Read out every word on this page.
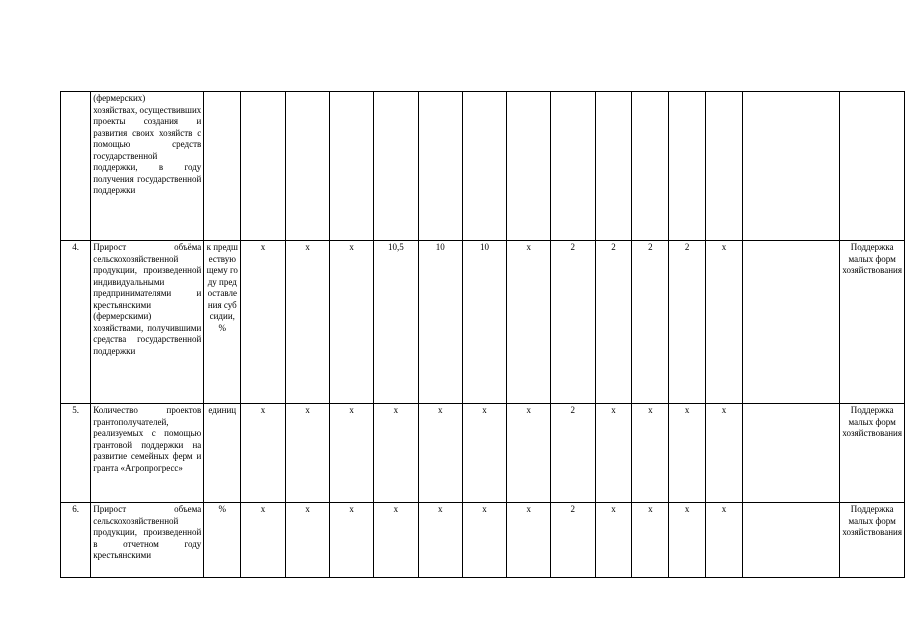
	(фермерских)
хозяйствах, осуществивших проекты создания и развития своих хозяйств с помощью средств государственной поддержки, в году получения государственной поддержки															

4.	Прирост объёма сельскохозяйственной продукции, произведенной индивидуальными предпринимателями и крестьянскими (фермерскими) хозяйствами, получившими средства государственной поддержки	к предшествующему году предоставления субсидии, %	х	х	х	10,5	10	10	х	2	2	2	2	х		Поддержка малых форм хозяйствования

5.	Количество проектов грантополучателей, реализуемых с помощью грантовой поддержки на развитие семейных ферм и гранта «Агропрогресс»	единиц	х	х	х	х	х	х	х	2	х	х	х	х		Поддержка малых форм хозяйствования

6.	Прирост объема сельскохозяйственной продукции, произведенной в отчетном году крестьянскими	%	х	х	х	х	х	х	х	2	х	х	х	х		Поддержка малых форм хозяйствования
